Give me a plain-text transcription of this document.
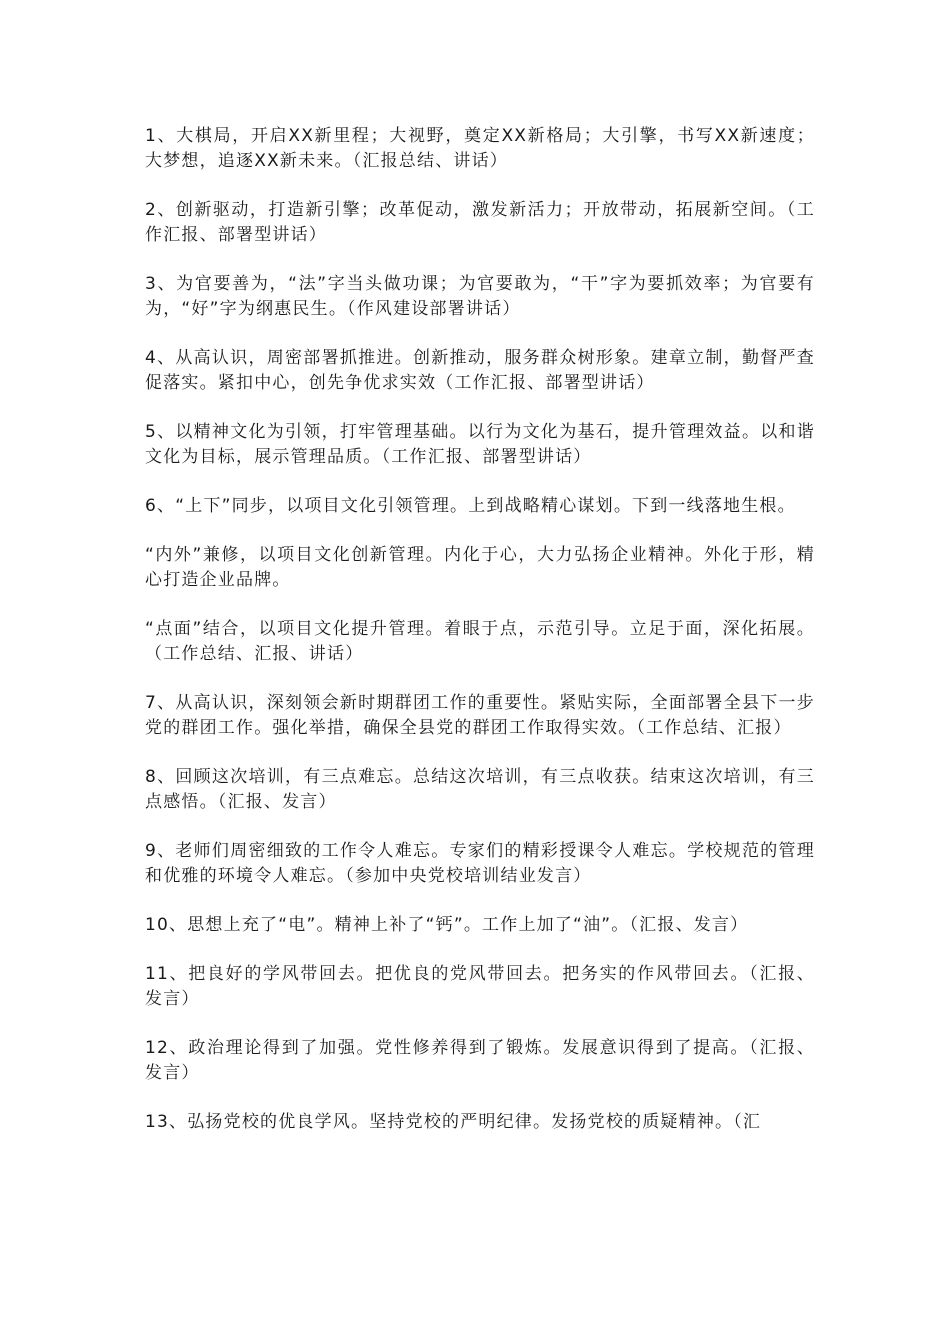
1、大棋局，开启XX新里程；大视野，奠定XX新格局；大引擎，书写XX新速度；大梦想，追逐XX新未来。（汇报总结、讲话）

2、创新驱动，打造新引擎；改革促动，激发新活力；开放带动，拓展新空间。（工作汇报、部署型讲话）

3、为官要善为，“法”字当头做功课；为官要敢为，“干”字为要抓效率；为官要有为，“好”字为纲惠民生。（作风建设部署讲话）

4、从高认识，周密部署抓推进。创新推动，服务群众树形象。建章立制，勤督严查促落实。紧扣中心，创先争优求实效（工作汇报、部署型讲话）

5、以精神文化为引领，打牢管理基础。以行为文化为基石，提升管理效益。以和谐文化为目标，展示管理品质。（工作汇报、部署型讲话）

6、“上下”同步，以项目文化引领管理。上到战略精心谋划。下到一线落地生根。

“内外”兼修，以项目文化创新管理。内化于心，大力弘扬企业精神。外化于形，精心打造企业品牌。

“点面”结合，以项目文化提升管理。着眼于点，示范引导。立足于面，深化拓展。（工作总结、汇报、讲话）

7、从高认识，深刻领会新时期群团工作的重要性。紧贴实际，全面部署全县下一步党的群团工作。强化举措，确保全县党的群团工作取得实效。（工作总结、汇报）

8、回顾这次培训，有三点难忘。总结这次培训，有三点收获。结束这次培训，有三点感悟。（汇报、发言）

9、老师们周密细致的工作令人难忘。专家们的精彩授课令人难忘。学校规范的管理和优雅的环境令人难忘。（参加中央党校培训结业发言）

10、思想上充了“电”。精神上补了“钙”。工作上加了“油”。（汇报、发言）

11、把良好的学风带回去。把优良的党风带回去。把务实的作风带回去。（汇报、发言）

12、政治理论得到了加强。党性修养得到了锻炼。发展意识得到了提高。（汇报、发言）

13、弘扬党校的优良学风。坚持党校的严明纪律。发扬党校的质疑精神。（汇
